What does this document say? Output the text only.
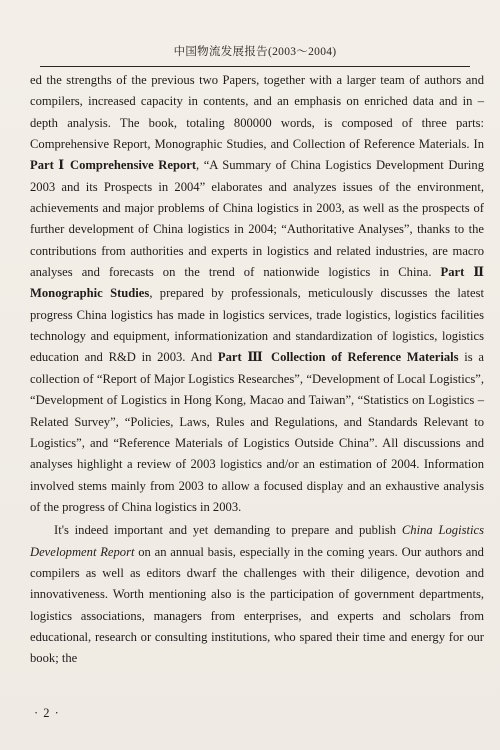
中国物流发展报告(2003～2004)

ed the strengths of the previous two Papers, together with a larger team of authors and compilers, increased capacity in contents, and an emphasis on enriched data and in – depth analysis. The book, totaling 800000 words, is composed of three parts: Comprehensive Report, Monographic Studies, and Collection of Reference Materials. In Part Ⅰ Comprehensive Report, “A Summary of China Logistics Development During 2003 and its Prospects in 2004” elaborates and analyzes issues of the environment, achievements and major problems of China logistics in 2003, as well as the prospects of further development of China logistics in 2004; “Authoritative Analyses”, thanks to the contributions from authorities and experts in logistics and related industries, are macro analyses and forecasts on the trend of nationwide logistics in China. Part Ⅱ Monographic Studies, prepared by professionals, meticulously discusses the latest progress China logistics has made in logistics services, trade logistics, logistics facilities technology and equipment, informationization and standardization of logistics, logistics education and R&D in 2003. And Part Ⅲ Collection of Reference Materials is a collection of “Report of Major Logistics Researches”, “Development of Local Logistics”, “Development of Logistics in Hong Kong, Macao and Taiwan”, “Statistics on Logistics – Related Survey”, “Policies, Laws, Rules and Regulations, and Standards Relevant to Logistics”, and “Reference Materials of Logistics Outside China”. All discussions and analyses highlight a review of 2003 logistics and/or an estimation of 2004. Information involved stems mainly from 2003 to allow a focused display and an exhaustive analysis of the progress of China logistics in 2003.

It's indeed important and yet demanding to prepare and publish China Logistics Development Report on an annual basis, especially in the coming years. Our authors and compilers as well as editors dwarf the challenges with their diligence, devotion and innovativeness. Worth mentioning also is the participation of government departments, logistics associations, managers from enterprises, and experts and scholars from educational, research or consulting institutions, who spared their time and energy for our book; the

· 2 ·
